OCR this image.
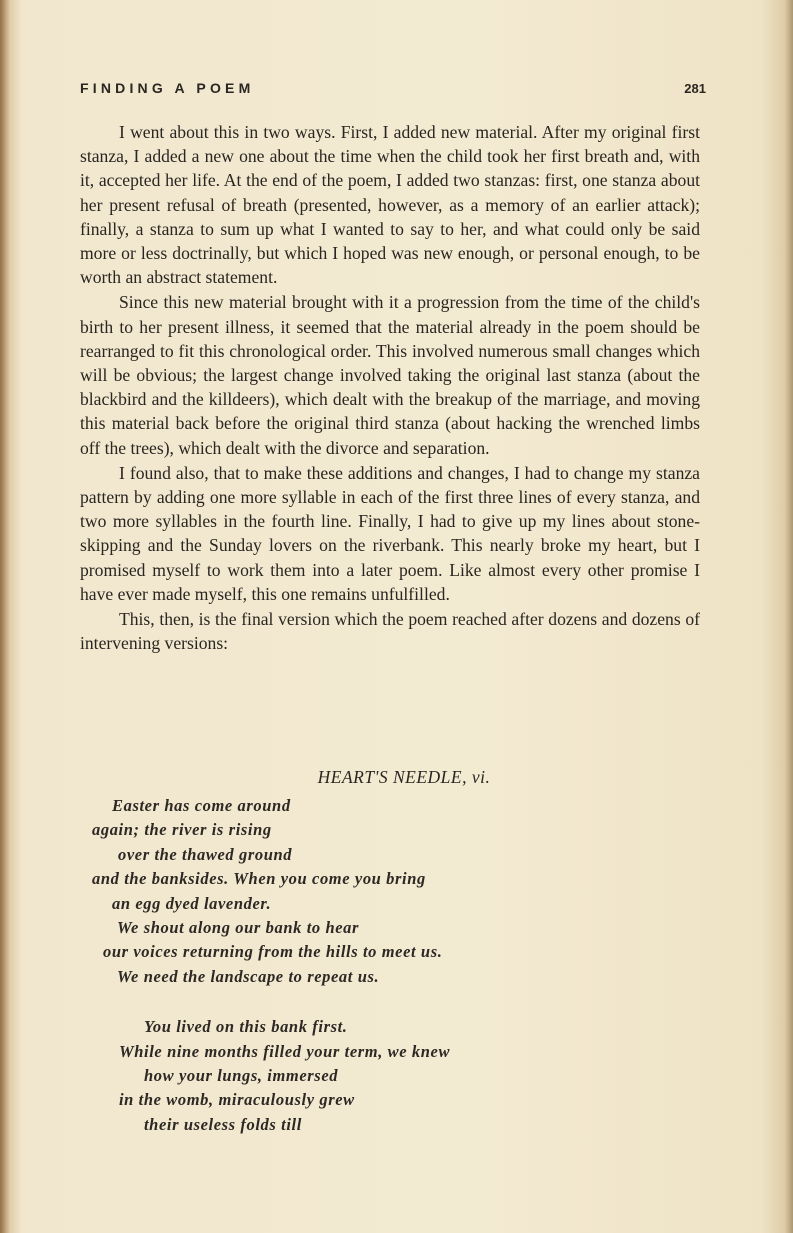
FINDING A POEM	281

I went about this in two ways. First, I added new material. After my original first stanza, I added a new one about the time when the child took her first breath and, with it, accepted her life. At the end of the poem, I added two stanzas: first, one stanza about her present refusal of breath (presented, however, as a memory of an earlier attack); finally, a stanza to sum up what I wanted to say to her, and what could only be said more or less doctrinally, but which I hoped was new enough, or personal enough, to be worth an abstract statement.

Since this new material brought with it a progression from the time of the child's birth to her present illness, it seemed that the material already in the poem should be rearranged to fit this chronological order. This involved numerous small changes which will be obvious; the largest change involved taking the original last stanza (about the blackbird and the killdeers), which dealt with the breakup of the marriage, and moving this material back before the original third stanza (about hacking the wrenched limbs off the trees), which dealt with the divorce and separation.

I found also, that to make these additions and changes, I had to change my stanza pattern by adding one more syllable in each of the first three lines of every stanza, and two more syllables in the fourth line. Finally, I had to give up my lines about stone-skipping and the Sunday lovers on the riverbank. This nearly broke my heart, but I promised myself to work them into a later poem. Like almost every other promise I have ever made myself, this one remains unfulfilled.

This, then, is the final version which the poem reached after dozens and dozens of intervening versions:

HEART'S NEEDLE, vi.
Easter has come around
again; the river is rising
over the thawed ground
and the banksides. When you come you bring
an egg dyed lavender.
We shout along our bank to hear
our voices returning from the hills to meet us.
We need the landscape to repeat us.
You lived on this bank first.
While nine months filled your term, we knew
how your lungs, immersed
in the womb, miraculously grew
their useless folds till
